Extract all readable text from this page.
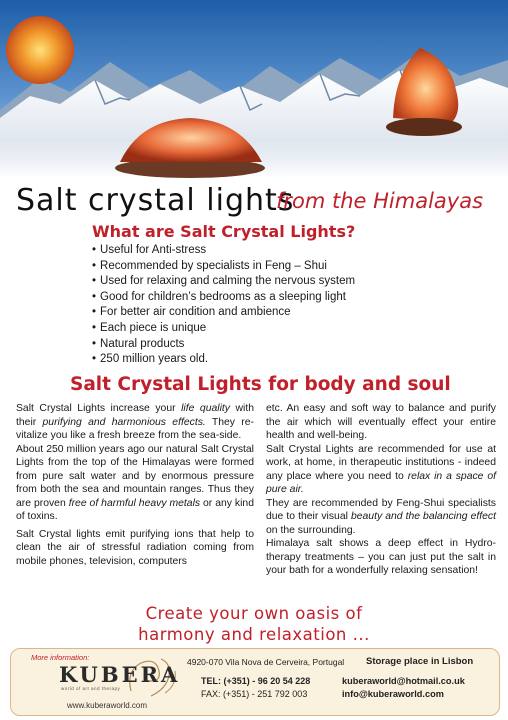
Salt crystal lights
from the Himalayas
What are Salt Crystal Lights?
• Useful for Anti-stress
• Recommended by specialists in Feng – Shui
• Used for relaxing and calming the nervous system
• Good for children’s bedrooms as a sleeping light
• For better air condition and ambience
• Each piece is unique
• Natural products
• 250 million years old.
Salt Crystal Lights for body and soul

Salt Crystal Lights increase your life quality with their purifying and harmonious effects. They re-vitalize you like a fresh breeze from the sea-side.

About 250 million years ago our natural Salt Crystal Lights from the top of the Himalayas were formed from pure salt water and by enormous pressure from both the sea and mountain ranges. Thus they are proven free of harmful heavy metals or any kind of toxins.

Salt Crystal lights emit purifying ions that help to clean the air of stressful radiation coming from mobile phones, television, computers

etc. An easy and soft way to balance and purify the air which will eventually effect your entire health and well-being.

Salt Crystal Lights are recommended for use at work, at home, in therapeutic institutions - indeed any place where you need to relax in a space of pure air.

They are recommended by Feng-Shui specialists due to their visual beauty and the balancing effect on the surrounding.

Himalaya salt shows a deep effect in Hydro-therapy treatments – you can just put the salt in your bath for a wonderfully relaxing sensation!

Create your own oasis of
harmony and relaxation ...
More information:
KUBERA
world of art and therapy
www.kuberaworld.com
4920-070 Vila Nova de Cerveira, Portugal Storage place in Lisbon
TEL: (+351) - 96 20 54 228
FAX: (+351) - 251 792 003
kuberaworld@hotmail.co.uk
info@kuberaworld.com
